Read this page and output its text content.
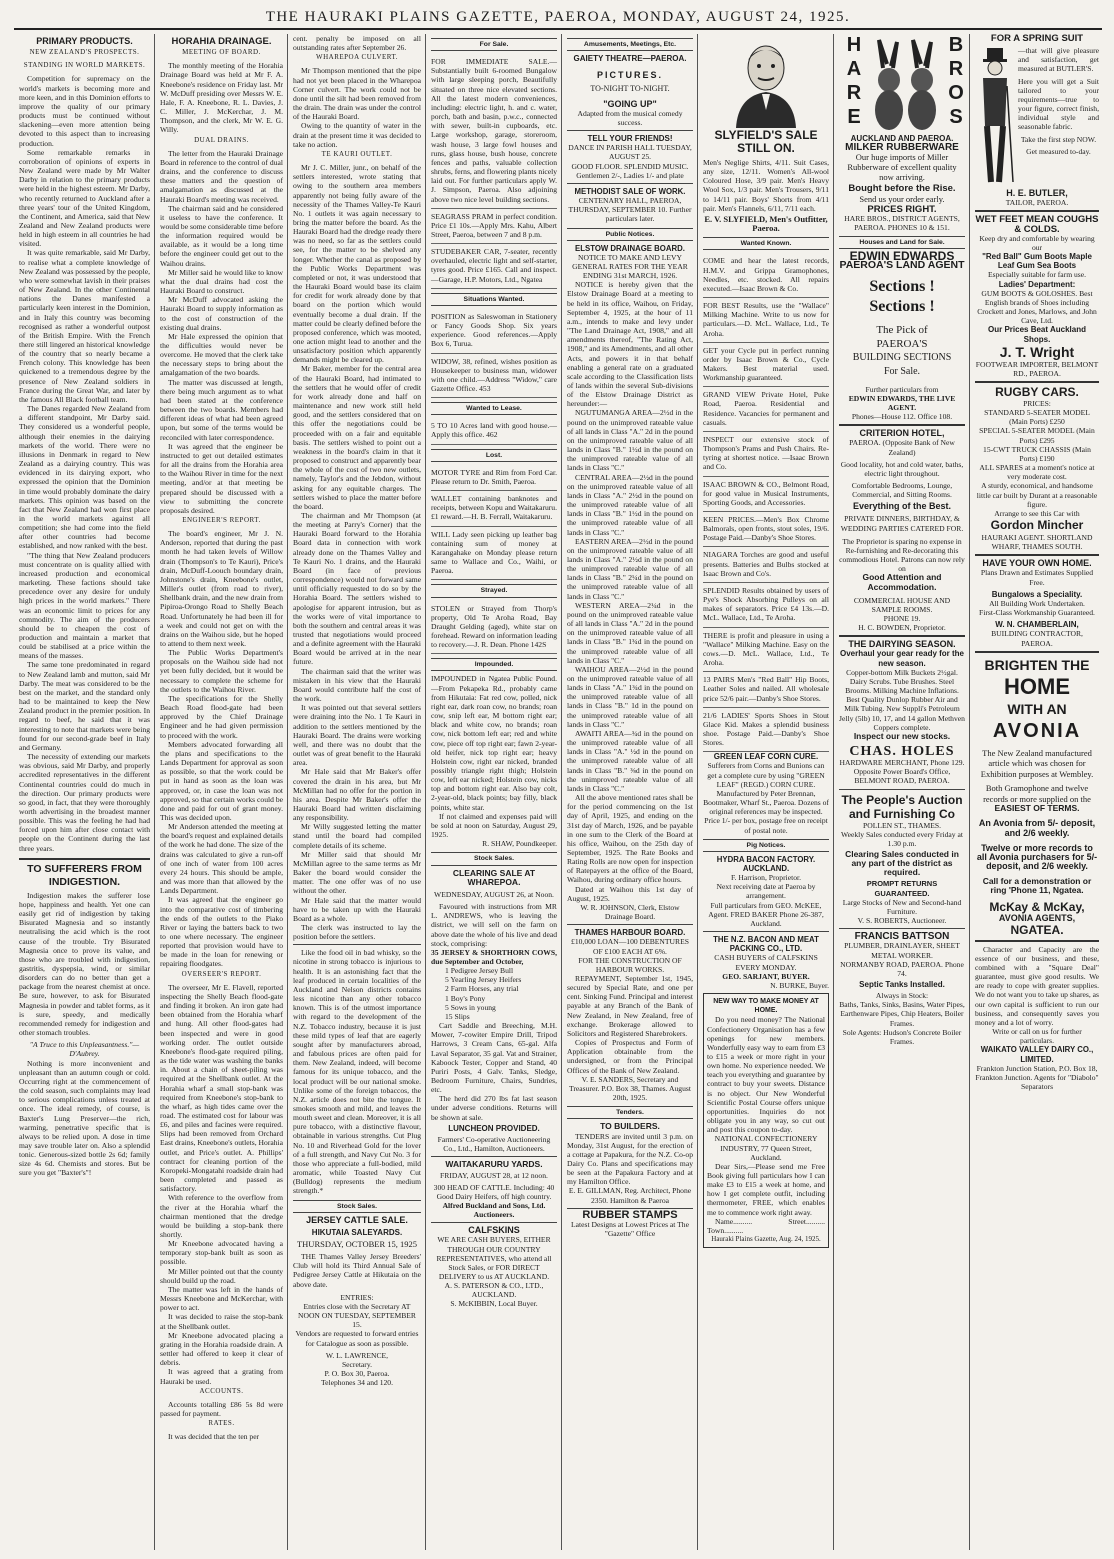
THE HAURAKI PLAINS GAZETTE, PAEROA, MONDAY, AUGUST 24, 1925.
PRIMARY PRODUCTS.
NEW ZEALAND'S PROSPECTS.
STANDING IN WORLD MARKETS.

Competition for supremacy on the world's markets is becoming more and more keen, and in this Dominion efforts to improve the quality of our primary products must be continued without slackening—even more attention being devoted to this aspect than to increasing production.

Some remarkable remarks in corroboration of opinions of experts in New Zealand were made by Mr Walter Darby in relation to the primary products were held in the highest esteem. Mr Darby, who recently returned to Auckland after a three years' tour of the United Kingdom, the Continent, and America, said that New Zealand and New Zealand products were held in high esteem in all countries he had visited.

It was quite remarkable, said Mr Darby, to realise what a complete knowledge of New Zealand was possessed by the people, who were somewhat lavish in their praises of New Zealand. In the other Continental nations the Danes manifested a particularly keen interest in the Dominion, and in Italy this country was becoming recognised as rather a wonderful outpost of the British Empire. With the French there still lingered an historical knowledge of the country that so nearly became a French colony. This knowledge has been quickened to a tremendous degree by the presence of New Zealand soldiers in France during the Great War, and later by the famous All Black football team.

The Danes regarded New Zealand from a different standpoint, Mr Darby said. They considered us a wonderful people, although their enemies in the dairying markets of the world. There were no illusions in Denmark in regard to New Zealand as a dairying country. This was evidenced in its dairying export, who expressed the opinion that the Dominion in time would probably dominate the dairy markets. This opinion was based on the fact that New Zealand had won first place in the world markets against all competition; she had come into the field after other countries had become established, and now ranked with the best.

"The thing that New Zealand producers must concentrate on is quality allied with increased production and economical marketing. These factions should take precedence over any desire for unduly high prices in the world markets." There was an economic limit to prices for any commodity. The aim of the producers should be to cheapen the cost of production and maintain a market that could be stabilised at a price within the means of the masses.

The same tone predominated in regard to New Zealand lamb and mutton, said Mr Darby. The meat was considered to be the best on the market, and the standard only had to be maintained to keep the New Zealand product in the premier position. In regard to beef, he said that it was interesting to note that markets were being found for our second-grade beef in Italy and Germany.

The necessity of extending our markets was obvious, said Mr Darby, and properly accredited representatives in the different Continental countries could do much in the direction. Our primary products were so good, in fact, that they were thoroughly worth advertising in the broadest manner possible. This was the feeling he had had forced upon him after close contact with people on the Continent during the last three years.

TO SUFFERERS FROM INDIGESTION.

Indigestion makes the sufferer lose hope, happiness and health. Yet one can easily get rid of indigestion by taking Bisurated Magnesia and so instantly neutralising the acid which is the root cause of the trouble. Try Bisurated Magnesia once to prove its value, and those who are troubled with indigestion, gastritis, dyspepsia, wind, or similar disorders can do no better than get a package from the nearest chemist at once. Be sure, however, to ask for Bisurated Magnesia in powder and tablet forms, as it is sure, speedy, and medically recommended remedy for indigestion and other stomach troubles.

"A Truce to this Unpleasantness."—D'Aubrey.

Nothing is more inconvenient and unpleasant than an autumn cough or cold. Occurring right at the commencement of the cold season, such complaints may lead to serious complications unless treated at once. The ideal remedy, of course, is Baxter's Lung Preserver—the rich, warming, penetrative specific that is always to be relied upon. A dose in time may save trouble later on. Also a splendid tonic. Generous-sized bottle 2s 6d; family size 4s 6d. Chemists and stores. But be sure you get "Baxter's"!

HORAHIA DRAINAGE.
MEETING OF BOARD.

The monthly meeting of the Horahia Drainage Board was held at Mr F. A. Kneebone's residence on Friday last. Mr W. McDuff presiding over Messrs W. E. Hale, F. A. Kneebone, R. L. Davies, J. C. Miller, J. McKerchar, J. M. Thompson, and the clerk, Mr W. E. G. Willy.

DUAL DRAINS.

The letter from the Hauraki Drainage Board in reference to the control of dual drains, and the conference to discuss these matters and the question of amalgamation as discussed at the Hauraki Board's meeting was received.

The chairman said and he considered it useless to have the conference. It would be some considerable time before the information required would be available, as it would be a long time before the engineer could get out to the Waihou drains.

Mr Miller said he would like to know what the dual drains had cost the Hauraki Board to construct.

Mr McDuff advocated asking the Hauraki Board to supply information as to the cost of construction of the existing dual drains.

Mr Hale expressed the opinion that the difficulties would never be overcome. He moved that the clerk take the necessary steps to bring about the amalgamation of the two boards.

The matter was discussed at length, there being much argument as to what had been stated at the conference between the two boards. Members had different ideas of what had been agreed upon, but some of the terms would be reconciled with later correspondence.

It was agreed that the engineer be instructed to get out detailed estimates for all the drains from the Horahia area to the Waihou River in time for the next meeting, and/or at that meeting be prepared should be discussed with a view to submitting the concrete proposals desired.

ENGINEER'S REPORT.

The board's engineer, Mr J. N. Anderson, reported that during the past month he had taken levels of Willow drain (Thompson's to Te Kauri), Price's drain, McDuff-Loouch boundary drain, Johnstone's drain, Kneebone's outlet, Miller's outlet (from road to river), Shellbank drain, and the new drain from Pipiroa-Orongo Road to Shelly Beach Road. Unfortunately he had been ill for a week and could not get on with the drains on the Waihou side, but he hoped to attend to them next week.

The Public Works Department's proposals on the Waihou side had not yet been fully decided, but it would be necessary to complete the scheme for the outlets to the Waihou River.

The specifications for the Shelly Beach Road flood-gate had been approved by the Chief Drainage Engineer and he had given permission to proceed with the work.

Members advocated forwarding all the plans and specifications to the Lands Department for approval as soon as possible, so that the work could be put in hand as soon as the loan was approved, or, in case the loan was not approved, so that certain works could be done and paid for out of grant money. This was decided upon.

Mr Anderson attended the meeting at the board's request and explained details of the work he had done. The size of the drains was calculated to give a run-off of one inch of water from 100 acres every 24 hours. This should be ample, and was more than that allowed by the Lands Department.

It was agreed that the engineer go into the comparative cost of timbering the ends of the outlets to the Piako River or laying the batters back to two to one where necessary. The engineer reported that provision would have to be made in the loan for renewing or repairing floodgates.

OVERSEER'S REPORT.

The overseer, Mr E. Flavell, reported inspecting the Shelly Beach flood-gate and finding it broken. An iron gate had been obtained from the Horahia wharf and hung. All other flood-gates had been inspected and were in good working order. The outlet outside Kneebone's flood-gate required piling, as the tide water was washing the banks in. About a chain of sheet-piling was required at the Shellbank outlet. At the Horahia wharf a small stop-bank was required from Kneebone's stop-bank to the wharf, as high tides came over the road. The estimated cost for labour was £6, and piles and facines were required. Slips had been removed from Orchard East drains, Kneebone's outlets, Horahia outlet, and Price's outlet. A. Phillips' contract for cleaning portion of the Koropeki-Mongatahi roadside drain had been completed and passed as satisfactory.

With reference to the overflow from the river at the Horahia wharf the chairman mentioned that the dredge would be building a stop-bank there shortly.

Mr Kneebone advocated having a temporary stop-bank built as soon as possible.

Mr Miller pointed out that the county should build up the road.

The matter was left in the hands of Messrs Kneebone and McKerchar, with power to act.

It was decided to raise the stop-bank at the Shellbank outlet.

Mr Kneebone advocated placing a grating in the Horahia roadside drain. A settler had offered to keep it clear of debris.

It was agreed that a grating from Hauraki be used.

ACCOUNTS.

Accounts totalling £86 5s 8d were passed for payment.

RATES.

It was decided that the ten per

cent. penalty be imposed on all outstanding rates after September 26.

WHAREPOA CULVERT.

Mr Thompson mentioned that the pipe had not yet been placed in the Wharepoa Corner culvert. The work could not be done until the silt had been removed from the drain. The drain was under the control of the Hauraki Board.

Owing to the quantity of water in the drain at the present time it was decided to take no action.

TE KAURI OUTLET.

Mr J. C. Miller, junr., on behalf of the settlers interested, wrote stating that owing to the southern area members apparently not being fully aware of the necessity of the Thames Valley-Te Kauri No. 1 outlets it was again necessary to bring the matter before the board. As the Hauraki Board had the dredge ready there was no need, so far as the settlers could see, for the matter to be shelved any longer. Whether the canal as proposed by the Public Works Department was completed or not, it was understood that the Hauraki Board would base its claim for credit for work already done by that board on the portion which would eventually become a dual drain. If the matter could be clearly defined before the proposed conference, which was mooted, one action might lead to another and the unsatisfactory position which apparently demands might be cleared up.

Mr Baker, member for the central area of the Hauraki Board, had intimated to the settlers that he would offer of credit for work already done and half on maintenance and new work still held good, and the settlers considered that on this offer the negotiations could be proceeded with on a fair and equitable basis. The settlers wished to point out a weakness in the board's claim in that it proposed to construct and apparently bear the whole of the cost of two new outlets, namely, Taylor's and the Jebdon, without asking for any equitable charges. The settlers wished to place the matter before the board.

The chairman and Mr Thompson (at the meeting at Parry's Corner) that the Hauraki Board forward to the Horahia Board data in connection with work already done on the Thames Valley and Te Kauri No. 1 drains, and the Hauraki Board (in face of previous correspondence) would not forward same until officially requested to do so by the Horahia Board. The settlers wished to apologise for apparent intrusion, but as the works were of vital importance to both the southern and central areas it was trusted that negotiations would proceed and a definite agreement with the Hauraki Board would be arrived at in the near future.

The chairman said that the writer was mistaken in his view that the Hauraki Board would contribute half the cost of the work.

It was pointed out that several settlers were draining into the No. 1 Te Kauri in addition to the settlers mentioned by the Hauraki Board. The drains were working well, and there was no doubt that the outlet was of great benefit to the Hauraki area.

Mr Hale said that Mr Baker's offer covered the drain in his area, but Mr McMillan had no offer for the portion in his area. Despite Mr Baker's offer the Hauraki Board had written disclaiming any responsibility.

Mr Willy suggested letting the matter stand until the board had compiled complete details of its scheme.

Mr Miller said that should Mr McMillan agree to the same terms as Mr Baker the board would consider the matter. The one offer was of no use without the other.

Mr Hale said that the matter would have to be taken up with the Hauraki Board as a whole.

The clerk was instructed to lay the position before the settlers.

Like the food oil in bad whisky, so the nicotine in strong tobacco is injurious to health. It is an astonishing fact that the leaf produced in certain localities of the Auckland and Nelson districts contains less nicotine than any other tobacco known. This is of the utmost importance with regard to the development of the N.Z. Tobacco industry, because it is just these mild types of leaf that are eagerly sought after by manufacturers abroad, and fabulous prices are often paid for them. New Zealand, indeed, will become famous for its unique tobacco, and the local product will be our national smoke. Unlike some of the foreign tobaccos, the N.Z. article does not bite the tongue. It smokes smooth and mild, and leaves the mouth sweet and clean. Moreover, it is all pure tobacco, with a distinctive flavour, obtainable in various strengths. Cut Plug No. 10 and Riverhead Gold for the lover of a full strength, and Navy Cut No. 3 for those who appreciate a full-bodied, mild aromatic, while Toasted Navy Cut (Bulldog) represents the medium strength.*

Stock Sales.
JERSEY CATTLE SALE.
HIKUTAIA SALEYARDS.
THURSDAY, OCTOBER 15, 1925

THE Thames Valley Jersey Breeders' Club will hold its Third Annual Sale of Pedigree Jersey Cattle at Hikutaia on the above date.

ENTRIES:

Entries close with the Secretary AT NOON ON TUESDAY, SEPTEMBER 15.

Vendors are requested to forward entries for Catalogue as soon as possible.

W. L. LAWRENCE,

Secretary.

P. O. Box 30, Paeroa.

Telephones 34 and 120.

For Sale.

FOR IMMEDIATE SALE.—Substantially built 6-roomed Bungalow with large sleeping porch, Beautifully situated on three nice elevated sections. All the latest modern conveniences, including: electric light, h. and c. water, porch, bath and basin, p.w.c., connected with sewer, built-in cupboards, etc. Large workshop, garage, storeroom, wash house, 3 large fowl houses and runs, glass house, bush house, concrete fences and paths, valuable collection shrubs, ferns, and flowering plants nicely laid out. For further particulars apply W. J. Simpson, Paeroa. Also adjoining above two nice level building sections.

SEAGRASS PRAM in perfect condition. Price £1 10s.—Apply Mrs. Kahu, Albert Street, Paeroa, between 7 and 8 p.m.

STUDEBAKER CAR, 7-seater, recently overhauled, electric light and self-starter, tyres good. Price £165. Call and inspect.—Garage, H.P. Motors, Ltd., Ngatea

Situations Wanted.

POSITION as Saleswoman in Stationery or Fancy Goods Shop. Six years experience. Good references.—Apply Box 6, Turua.

WIDOW, 38, refined, wishes position as Housekeeper to business man, widower with one child.—Address "Widow," care Gazette Office. 453

Wanted to Lease.

5 TO 10 Acres land with good house.—Apply this office. 462

Lost.

MOTOR TYRE and Rim from Ford Car. Please return to Dr. Smith, Paeroa.

WALLET containing banknotes and receipts, between Kopu and Waitakaruru. £1 reward.—H. B. Ferrall, Waitakaruru.

WILL Lady seen picking up leather bag containing sum of money at Karangahake on Monday please return same to Wallace and Co., Waihi, or Paeroa.

Strayed.

STOLEN or Strayed from Thorp's property, Old Te Aroha Road, Bay Draught Gelding (aged), white star on forehead. Reward on information leading to recovery.—J. R. Dean. Phone 142S

Impounded.

IMPOUNDED in Ngatea Public Pound.—From Pekapeka Rd., probably came from Hikutaia: Fat red cow, polled, nick right ear, dark roan cow, no brands; roan cow, snip left ear, M bottom right ear; black and white cow, no brands; roan cow, nick bottom left ear; red and white cow, piece off top right ear; fawn 2-year-old heifer, nick top right ear; heavy Holstein cow, right ear nicked, branded possibly triangle right thigh; Holstein cow, left ear nicked; Holstein cow, nicks top and bottom right ear. Also bay colt, 2-year-old, black points; bay filly, black points, white star.

If not claimed and expenses paid will be sold at noon on Saturday, August 29, 1925.

R. SHAW, Poundkeeper.

Stock Sales.
CLEARING SALE AT WHAREPOA.
WEDNESDAY, AUGUST 26, at Noon.

Favoured with instructions from MR L. ANDREWS, who is leaving the district, we will sell on the farm on above date the whole of his live and dead stock, comprising:

35 JERSEY & SHORTHORN COWS, due September and October,

1 Pedigree Jersey Bull
5 Yearling Jersey Heifers
2 Farm Horses, any trial
1 Boy's Pony
5 Sows in young
15 Slips

Cart Saddle and Breeching, M.H. Mower, 7-cowiter Empire Drill, Tripod Harrows, 3 Cream Cans, 65-gal. Alfa Laval Separator, 35 gal. Vat and Strainer, Kaboock Tester, Copper and Stand, 40 Puriri Posts, 4 Galv. Tanks, Sledge, Bedroom Furniture, Chairs, Sundries, etc.

The herd did 270 lbs fat last season under adverse conditions. Returns will be shown at sale.

LUNCHEON PROVIDED.

Farmers' Co-operative Auctioneering Co., Ltd., Hamilton, Auctioneers.

WAITAKARURU YARDS.
FRIDAY, AUGUST 28, at 12 noon.

300 HEAD OF CATTLE. Including: 40 Good Dairy Heifers, off high country.

Alfred Buckland and Sons, Ltd. Auctioneers.

CALFSKINS

WE ARE CASH BUYERS, EITHER THROUGH OUR COUNTRY REPRESENTATIVES, who attend all Stock Sales, or FOR DIRECT DELIVERY to us AT AUCKLAND.

A. S. PATERSON & CO., LTD., AUCKLAND.

S. McKIBBIN, Local Buyer.

Amusements, Meetings, Etc.
GAIETY THEATRE—PAEROA.
PICTURES.
TO-NIGHT TO-NIGHT.
"GOING UP"

Adapted from the musical comedy success.

TELL YOUR FRIENDS!

DANCE IN PARISH HALL TUESDAY, AUGUST 25.

GOOD FLOOR. SPLENDID MUSIC. Gentlemen 2/-, Ladies 1/- and plate

METHODIST SALE OF WORK.

CENTENARY HALL, PAEROA, THURSDAY, SEPTEMBER 10. Further particulars later.

Public Notices.
ELSTOW DRAINAGE BOARD.

NOTICE TO MAKE AND LEVY GENERAL RATES FOR THE YEAR ENDING 31st MARCH, 1926.

NOTICE is hereby given that the Elstow Drainage Board at a meeting to be held in its office, Waihou, on Friday, September 4, 1925, at the hour of 11 a.m., intends to make and levy under "The Land Drainage Act, 1908," and all amendments thereof, "The Rating Act, 1908," and its Amendments, and all other Acts, and powers it in that behalf enabling a general rate on a graduated scale according to the Classification lists of lands within the several Sub-divisions of the Elstow Drainage District as hereunder:—

NGUTUMANGA AREA—2½d in the pound on the unimproved rateable value of all lands in Class "A." 2d in the pound on the unimproved rateable value of all lands in Class "B." 1½d in the pound on the unimproved rateable value of all lands in Class "C."

CENTRAL AREA—2½d in the pound on the unimproved rateable value of all lands in Class "A." 2½d in the pound on the unimproved rateable value of all lands in Class "B." 1½d in the pound on the unimproved rateable value of all lands in Class "C."

EASTERN AREA—2½d in the pound on the unimproved rateable value of all lands in Class "A." 2½d in the pound on the unimproved rateable value of all lands in Class "B." 2¼d in the pound on the unimproved rateable value of all lands in Class "C."

WESTERN AREA—2¼d in the pound on the unimproved rateable value of all lands in Class "A." 2d in the pound on the unimproved rateable value of all lands in Class "B." 1¾d in the pound on the unimproved rateable value of all lands in Class "C."

WAIHOU AREA—2½d in the pound on the unimproved rateable value of all lands in Class "A." 1¾d in the pound on the unimproved rateable value of all lands in Class "B." 1d in the pound on the unimproved rateable value of all lands in Class "C."

AWAITI AREA—¾d in the pound on the unimproved rateable value of all lands in Class "A." ½d in the pound on the unimproved rateable value of all lands in Class "B." ⅜d in the pound on the unimproved rateable value of all lands in Class "C."

All the above mentioned rates shall be for the period commencing on the 1st day of April, 1925, and ending on the 31st day of March, 1926, and be payable in one sum to the Clerk of the Board at his office, Waihou, on the 25th day of September, 1925. The Rate Books and Rating Rolls are now open for inspection of Ratepayers at the office of the Board, Waihou, during ordinary office hours.

Dated at Waihou this 1st day of August, 1925.

W. R. JOHNSON, Clerk, Elstow Drainage Board.

THAMES HARBOUR BOARD.

£10,000 LOAN—100 DEBENTURES OF £100 EACH AT 6%.

FOR THE CONSTRUCTION OF HARBOUR WORKS.

REPAYMENT, September 1st, 1945, secured by Special Rate, and one per cent. Sinking Fund. Principal and interest payable at any Branch of the Bank of New Zealand, in New Zealand, free of exchange. Brokerage allowed to Solicitors and Registered Sharebrokers.

Copies of Prospectus and Form of Application obtainable from the undersigned, or from the Principal Offices of the Bank of New Zealand.

V. E. SANDERS, Secretary and Treasurer. P.O. Box 38, Thames. August 20th, 1925.

Tenders.
TO BUILDERS.

TENDERS are invited until 3 p.m. on Monday, 31st August, for the erection of a cottage at Papakura, for the N.Z. Co-op Dairy Co. Plans and specifications may be seen at the Papakura Factory and at my Hamilton Office.

E. E. GILLMAN, Reg. Architect, Phone 2350. Hamilton & Paeroa

RUBBER STAMPS

Latest Designs at Lowest Prices at The "Gazette" Office

SLYFIELD'S SALE STILL ON.

Men's Neglige Shirts, 4/11. Suit Cases, any size, 12/11. Women's All-wool Coloured Hose, 3/9 pair. Men's Heavy Wool Sox, 1/3 pair. Men's Trousers, 9/11 to 14/11 pair. Boys' Shorts from 4/11 pair. Men's Flannels, 6/11, 7/11 each.

E. V. SLYFIELD, Men's Outfitter, Paeroa.

Wanted Known.

COME and hear the latest records, H.M.V. and Grippa Gramophones, Needles, etc. stocked. All repairs executed.—Isaac Brown & Co.

FOR BEST Results, use the "Wallace" Milking Machine. Write to us now for particulars.—D. McL. Wallace, Ltd., Te Aroha.

GET your Cycle put in perfect running order by Isaac Brown & Co., Cycle Makers. Best material used. Workmanship guaranteed.

GRAND VIEW Private Hotel, Puke Road, Paeroa. Residential and Residence. Vacancies for permanent and casuals.

INSPECT our extensive stock of Thompson's Prams and Push Chairs. Re-tyring at shortest notice. —Isaac Brown and Co.

ISAAC BROWN & CO., Belmont Road, for good value in Musical Instruments, Sporting Goods, and Accessories.

KEEN PRICES.—Men's Box Chrome Balmorals, open fronts, stout soles, 19/6. Postage Paid.—Danby's Shoe Stores.

NIAGARA Torches are good and useful presents. Batteries and Bulbs stocked at Isaac Brown and Co's.

SPLENDID Results obtained by users of Pye's Shock Absorbing Pulleys on all makes of separators. Price £4 13s.—D. McL. Wallace, Ltd., Te Aroha.

THERE is profit and pleasure in using a "Wallace" Milking Machine. Easy on the cows.—D. McL. Wallace, Ltd., Te Aroha.

13 PAIRS Men's "Red Ball" Hip Boots, Leather Soles and nailed. All wholesale price 52/6 pair.—Danby's Shoe Stores.

21/6 LADIES' Sports Shoes in Stout Glace Kid. Makes a splendid business shoe. Postage Paid.—Danby's Shoe Stores.

GREEN LEAF CORN CURE.

Sufferers from Corns and Bunions can get a complete cure by using "GREEN LEAF" (REGD.) CORN CURE.

Manufactured by Peter Brennan, Bootmaker, Wharf St., Paeroa. Dozens of original references may be inspected. Price 1/- per box, postage free on receipt of postal note.

Pig Notices.
HYDRA BACON FACTORY. AUCKLAND.

F. Harrison, Proprietor.

Next receiving date at Paeroa by arrangement.

Full particulars from GEO. McKEE, Agent. FRED BAKER Phone 26-387, Auckland.

THE N.Z. BACON AND MEAT PACKING CO., LTD.

CASH BUYERS of CALFSKINS EVERY MONDAY.

GEO. SARJANT, BUYER.

N. BURKE, Buyer.

NEW WAY TO MAKE MONEY AT HOME.

Do you need money? The National Confectionery Organisation has a few openings for new members. Wonderfully easy way to earn from £3 to £15 a week or more right in your own home. No experience needed. We teach you everything and guarantee by contract to buy your sweets. Distance is no object. Our New Wonderful Scientific Postal Course offers unique opportunities. Inquiries do not obligate you in any way, so cut out and post this coupon to-day.

NATIONAL CONFECTIONERY INDUSTRY, 77 Queen Street, Auckland.

Dear Sirs,—Please send me Free Book giving full particulars how I can make £3 to £15 a week at home, and how I get complete outfit, including thermometer, FREE, which enables me to commence work right away.

Name.......... Street.......... Town..........

Hauraki Plains Gazette, Aug. 24, 1925.

H
A
R
E
B
R
O
S
AUCKLAND AND PAEROA.
MILKER RUBBERWARE

Our huge imports of Miller Rubberware of excellent quality now arriving.

Bought before the Rise.

Send us your order early.

PRICES RIGHT.

HARE BROS., DISTRICT AGENTS, PAEROA. PHONES 10 & 151.

Houses and Land for Sale.
EDWIN EDWARDS
PAEROA'S LAND AGENT
Sections !
Sections !

The Pick of

PAEROA'S

BUILDING SECTIONS

For Sale.

Further particulars from

EDWIN EDWARDS, THE LIVE AGENT.

Phones—House 112. Office 108.

CRITERION HOTEL,

PAEROA. (Opposite Bank of New Zealand)

Good locality, hot and cold water, baths, electric light throughout.

Comfortable Bedrooms, Lounge, Commercial, and Sitting Rooms.

Everything of the Best.

PRIVATE DINNERS, BIRTHDAY, & WEDDING PARTIES CATERED FOR.

The Proprietor is sparing no expense in Re-furnishing and Re-decorating this commodious Hotel. Patrons can now rely on

Good Attention and Accommodation.

COMMERCIAL HOUSE AND SAMPLE ROOMS.

PHONE 19.

H. C. BOWDEN, Proprietor.

THE DAIRYING SEASON.
Overhaul your gear ready for the new season.

Copper-bottom Milk Buckets 2½gal. Dairy Scrubs. Tube Brushes. Steel Brooms. Milking Machine Inflations. Best Quality Dunlop Rubber Air and Milk Tubing. New Suppli's Petroleum Jelly (5lb) 10, 17, and 14 gallon Methven Coppers complete.

Inspect our new stocks.
CHAS. HOLES

HARDWARE MERCHANT, Phone 129. Opposite Power Board's Office, BELMONT ROAD, PAEROA.

The People's Auction and Furnishing Co

POLLEN ST., THAMES.

Weekly Sales conducted every Friday at 1.30 p.m.

Clearing Sales conducted in any part of the district as required.
PROMPT RETURNS GUARANTEED.

Large Stocks of New and Second-hand Furniture.

V. S. ROBERTS, Auctioneer.

FRANCIS BATTSON

PLUMBER, DRAINLAYER, SHEET METAL WORKER.

NORMANBY ROAD, PAEROA. Phone 74.

Septic Tanks Installed.

Always in Stock:

Baths, Tanks, Sinks, Basins, Water Pipes, Earthenware Pipes, Chip Heaters, Boiler Frames.

Sole Agents: Hudson's Concrete Boiler Frames.

FOR A SPRING SUIT

—that will give pleasure and satisfaction, get measured at BUTLER'S.

Here you will get a Suit tailored to your requirements—true to your figure, correct finish, individual style and seasonable fabric.

Take the first step NOW.

Get measured to-day.

H. E. BUTLER,

TAILOR, PAEROA.

WET FEET MEAN COUGHS & COLDS.

Keep dry and comfortable by wearing our

"Red Ball" Gum Boots Maple Leaf Gum Sea Boots

Especially suitable for farm use.

Ladies' Department:

GUM BOOTS & GOLOSHES. Best English brands of Shoes including Crockett and Jones, Marlows, and John Cave, Ltd.

Our Prices Beat Auckland Shops.
J. T. Wright

FOOTWEAR IMPORTER, BELMONT RD., PAEROA.

RUGBY CARS.
PRICES:

STANDARD 5-SEATER MODEL (Main Ports) £250

SPECIAL 5-SEATER MODEL (Main Ports) £295

15-CWT TRUCK CHASSIS (Main Ports) £190

ALL SPARES at a moment's notice at very moderate cost.

A sturdy, economical, and handsome little car built by Durant at a reasonable figure.

Arrange to see this Car with

Gordon Mincher

HAURAKI AGENT. SHORTLAND WHARF, THAMES SOUTH.

HAVE YOUR OWN HOME.

Plans Drawn and Estimates Supplied Free.

Bungalows a Speciality.

All Building Work Undertaken.

First-Class Workmanship Guaranteed.

W. N. CHAMBERLAIN,

BUILDING CONTRACTOR, PAEROA.

BRIGHTEN THE
HOME
WITH AN
AVONIA

The New Zealand manufactured article which was chosen for Exhibition purposes at Wembley.

Both Gramophone and twelve records or more supplied on the

EASIEST OF TERMS.
An Avonia from 5/- deposit, and 2/6 weekly.
Twelve or more records to all Avonia purchasers for 5/- deposit, and 2/6 weekly.
Call for a demonstration or ring 'Phone 11, Ngatea.
McKay & McKay,
AVONIA AGENTS,
NGATEA.

Character and Capacity are the essence of our business, and these, combined with a "Square Deal" guarantee, must give good results. We are ready to cope with greater supplies. We do not want you to take up shares, as our own capital is sufficient to run our business, and consequently saves you money and a lot of worry.

Write or call on us for further particulars.

WAIKATO VALLEY DAIRY CO., LIMITED.

Frankton Junction Station, P.O. Box 18, Frankton Junction. Agents for "Diabolo" Separators
